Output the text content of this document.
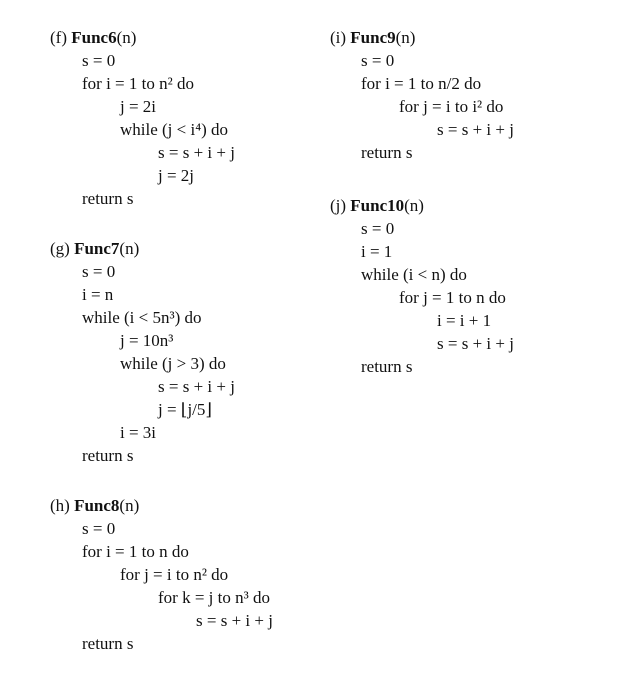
(f) Func6(n)
s = 0
for i = 1 to n² do
j = 2i
while (j < i⁴) do
s = s + i + j
j = 2j
return s
(g) Func7(n)
s = 0
i = n
while (i < 5n³) do
j = 10n³
while (j > 3) do
s = s + i + j
j = ⌊j/5⌋
i = 3i
return s
(h) Func8(n)
s = 0
for i = 1 to n do
for j = i to n² do
for k = j to n³ do
s = s + i + j
return s
(i) Func9(n)
s = 0
for i = 1 to n/2 do
for j = i to i² do
s = s + i + j
return s
(j) Func10(n)
s = 0
i = 1
while (i < n) do
for j = 1 to n do
i = i + 1
s = s + i + j
return s
